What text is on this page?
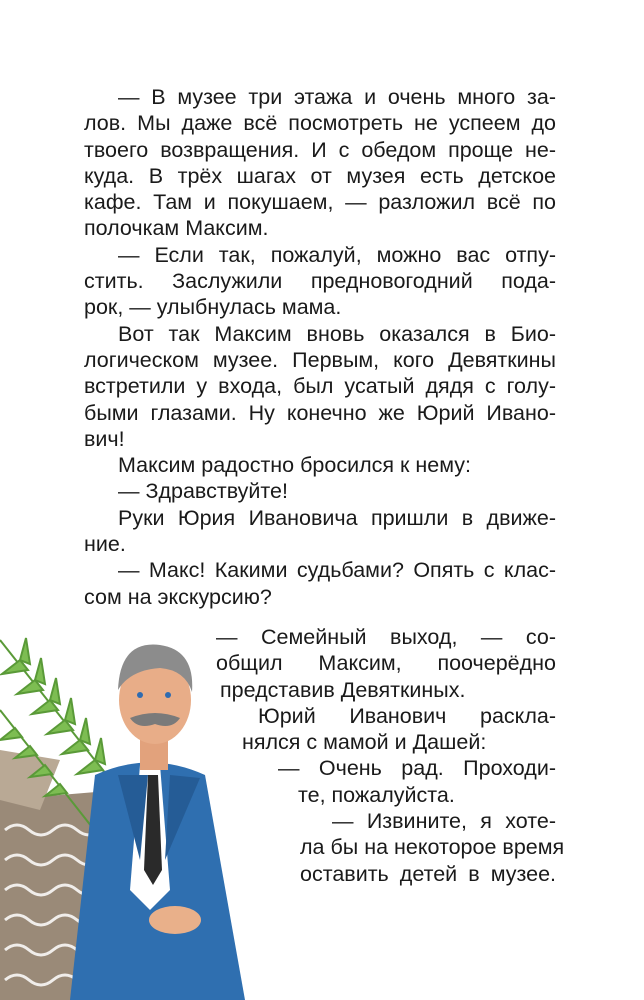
— В музее три этажа и очень много за-
лов. Мы даже всё посмотреть не успеем до
твоего возвращения. И с обедом проще не-
куда. В трёх шагах от музея есть детское
кафе. Там и покушаем, — разложил всё по
полочкам Максим.
— Если так, пожалуй, можно вас отпу-
стить. Заслужили предновогодний пода-
рок, — улыбнулась мама.
Вот так Максим вновь оказался в Био-
логическом музее. Первым, кого Девяткины
встретили у входа, был усатый дядя с голу-
быми глазами. Ну конечно же Юрий Ивано-
вич!
Максим радостно бросился к нему:
— Здравствуйте!
Руки Юрия Ивановича пришли в движе-
ние.
— Макс! Какими судьбами? Опять с клас-
сом на экскурсию?
— Семейный выход, — со-
общил Максим, поочерёдно
представив Девяткиных.
Юрий Иванович раскла-
нялся с мамой и Дашей:
— Очень рад. Проходи-
те, пожалуйста.
— Извините, я хоте-
ла бы на некоторое время
оставить детей в музее.
